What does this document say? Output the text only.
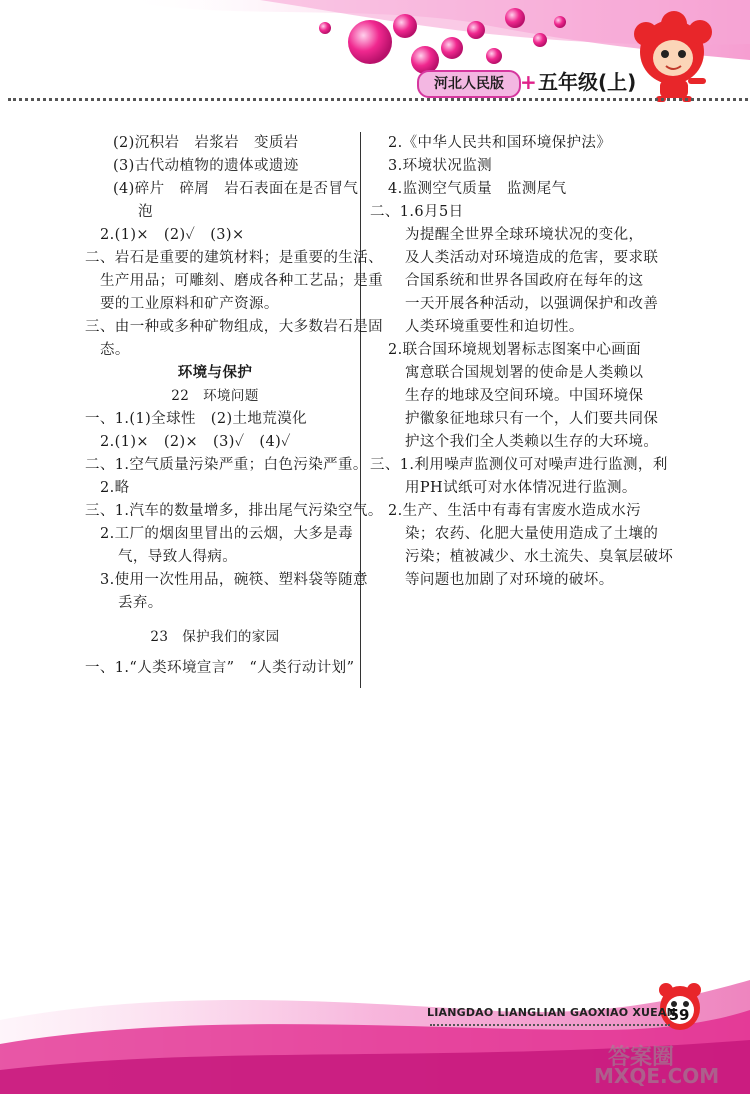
河北人民版 + 五年级(上)
(2)沉积岩　岩浆岩　变质岩
(3)古代动植物的遗体或遗迹
(4)碎片　碎屑　岩石表面在是否冒气
泡
2.(1)×　(2)✓　(3)×
二、岩石是重要的建筑材料；是重要的生活、
生产用品；可雕刻、磨成各种工艺品；是重
要的工业原料和矿产资源。
三、由一种或多种矿物组成，大多数岩石是固
态。
环境与保护
22　环境问题
一、1.(1)全球性　(2)土地荒漠化
2.(1)×　(2)×　(3)✓　(4)✓
二、1.空气质量污染严重；白色污染严重。
2.略
三、1.汽车的数量增多，排出尾气污染空气。
2.工厂的烟囱里冒出的云烟，大多是毒
气，导致人得病。
3.使用一次性用品，碗筷、塑料袋等随意
丢弃。
23　保护我们的家园
一、1.“人类环境宣言”　“人类行动计划”
2.《中华人民共和国环境保护法》
3.环境状况监测
4.监测空气质量　监测尾气
二、1.6月5日
为提醒全世界全球环境状况的变化，
及人类活动对环境造成的危害，要求联
合国系统和世界各国政府在每年的这
一天开展各种活动，以强调保护和改善
人类环境重要性和迫切性。
2.联合国环境规划署标志图案中心画面
寓意联合国规划署的使命是人类赖以
生存的地球及空间环境。中国环境保
护徽象征地球只有一个，人们要共同保
护这个我们全人类赖以生存的大环境。
三、1.利用噪声监测仪可对噪声进行监测，利
用PH试纸可对水体情况进行监测。
2.生产、生活中有毒有害废水造成水污
染；农药、化肥大量使用造成了土壤的
污染；植被减少、水土流失、臭氧层破坏
等问题也加剧了对环境的破坏。
LIANGDAO LIANGLIAN GAOXIAO XUEAN
59
答案圈
MXQE.COM
